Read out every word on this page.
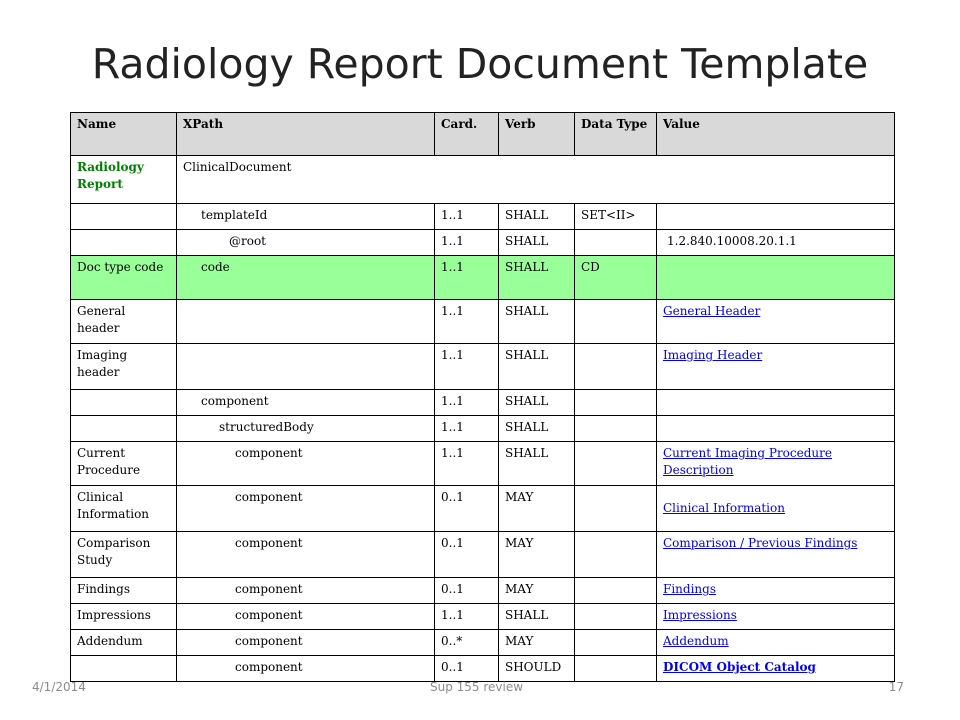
Radiology Report Document Template
Name	XPath	Card.	Verb	Data Type	Value
Radiology Report	ClinicalDocument				
	templateId	1..1	SHALL	SET<II>	
	@root	1..1	SHALL		1.2.840.10008.20.1.1
Doc type code	code	1..1	SHALL	CD	
General header		1..1	SHALL		General Header
Imaging header		1..1	SHALL		Imaging Header
	component	1..1	SHALL		
	structuredBody	1..1	SHALL		
Current Procedure	component	1..1	SHALL		Current Imaging Procedure Description
Clinical Information	component	0..1	MAY		Clinical Information
Comparison Study	component	0..1	MAY		Comparison / Previous Findings
Findings	component	0..1	MAY		Findings
Impressions	component	1..1	SHALL		Impressions
Addendum	component	0..*	MAY		Addendum
	component	0..1	SHOULD		DICOM Object Catalog
4/1/2014	Sup 155 review	17
